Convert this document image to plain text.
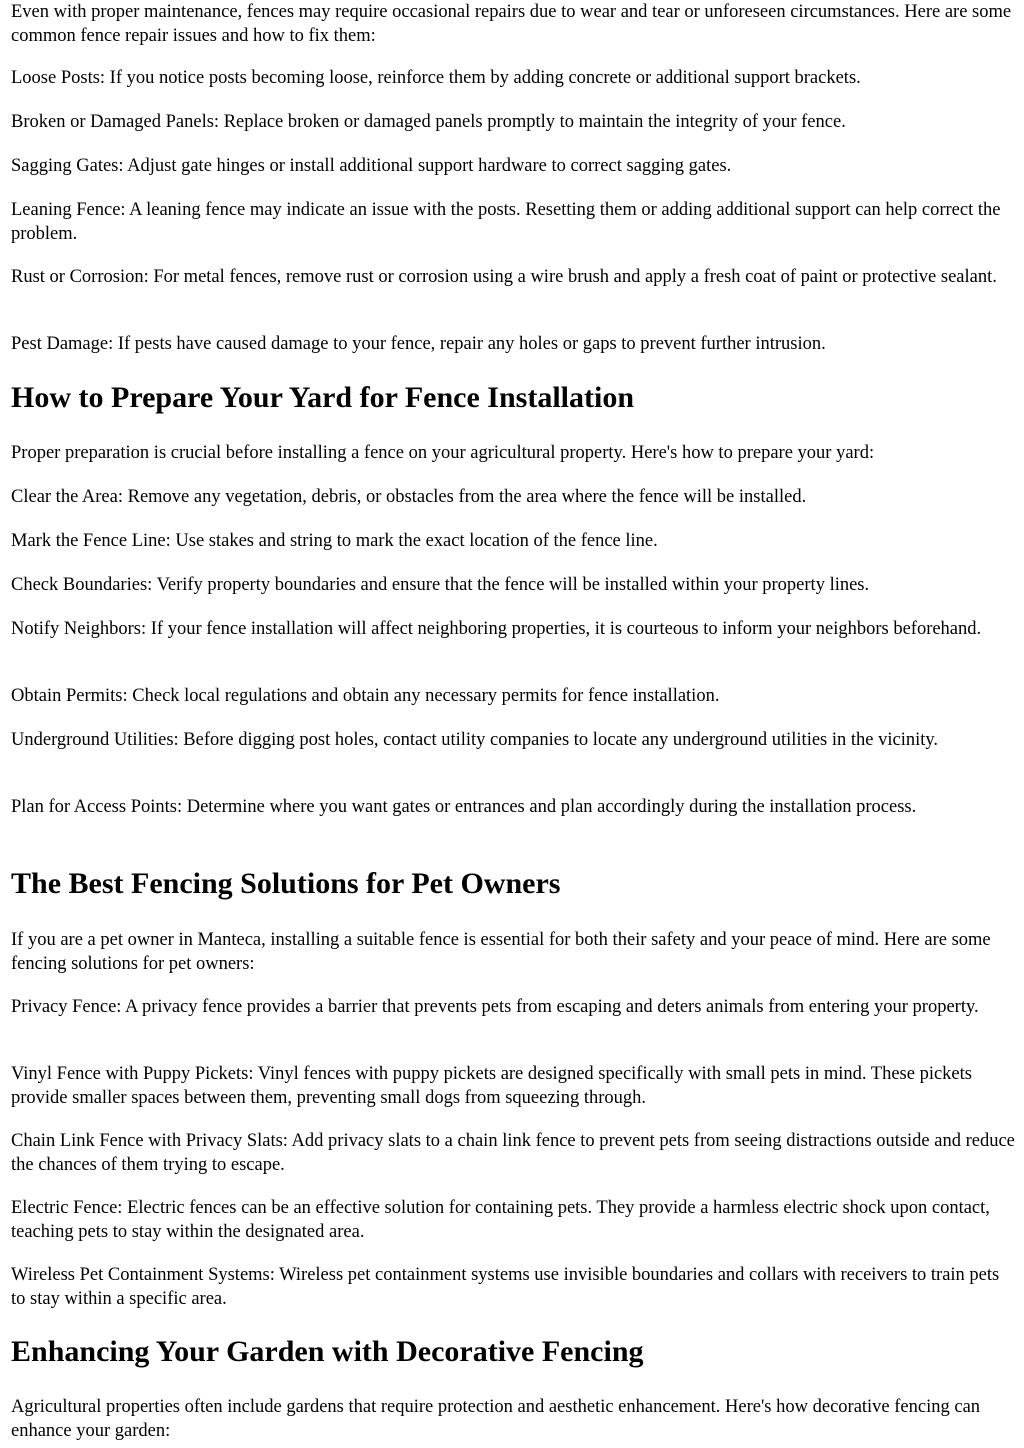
Even with proper maintenance, fences may require occasional repairs due to wear and tear or unforeseen circumstances. Here are some common fence repair issues and how to fix them:

Loose Posts: If you notice posts becoming loose, reinforce them by adding concrete or additional support brackets.

Broken or Damaged Panels: Replace broken or damaged panels promptly to maintain the integrity of your fence.

Sagging Gates: Adjust gate hinges or install additional support hardware to correct sagging gates.

Leaning Fence: A leaning fence may indicate an issue with the posts. Resetting them or adding additional support can help correct the problem.

Rust or Corrosion: For metal fences, remove rust or corrosion using a wire brush and apply a fresh coat of paint or protective sealant.

Pest Damage: If pests have caused damage to your fence, repair any holes or gaps to prevent further intrusion.

How to Prepare Your Yard for Fence Installation

Proper preparation is crucial before installing a fence on your agricultural property. Here's how to prepare your yard:

Clear the Area: Remove any vegetation, debris, or obstacles from the area where the fence will be installed.

Mark the Fence Line: Use stakes and string to mark the exact location of the fence line.

Check Boundaries: Verify property boundaries and ensure that the fence will be installed within your property lines.

Notify Neighbors: If your fence installation will affect neighboring properties, it is courteous to inform your neighbors beforehand.

Obtain Permits: Check local regulations and obtain any necessary permits for fence installation.

Underground Utilities: Before digging post holes, contact utility companies to locate any underground utilities in the vicinity.

Plan for Access Points: Determine where you want gates or entrances and plan accordingly during the installation process.

The Best Fencing Solutions for Pet Owners

If you are a pet owner in Manteca, installing a suitable fence is essential for both their safety and your peace of mind. Here are some fencing solutions for pet owners:

Privacy Fence: A privacy fence provides a barrier that prevents pets from escaping and deters animals from entering your property.

Vinyl Fence with Puppy Pickets: Vinyl fences with puppy pickets are designed specifically with small pets in mind. These pickets provide smaller spaces between them, preventing small dogs from squeezing through.

Chain Link Fence with Privacy Slats: Add privacy slats to a chain link fence to prevent pets from seeing distractions outside and reduce the chances of them trying to escape.

Electric Fence: Electric fences can be an effective solution for containing pets. They provide a harmless electric shock upon contact, teaching pets to stay within the designated area.

Wireless Pet Containment Systems: Wireless pet containment systems use invisible boundaries and collars with receivers to train pets to stay within a specific area.

Enhancing Your Garden with Decorative Fencing

Agricultural properties often include gardens that require protection and aesthetic enhancement. Here's how decorative fencing can enhance your garden:
